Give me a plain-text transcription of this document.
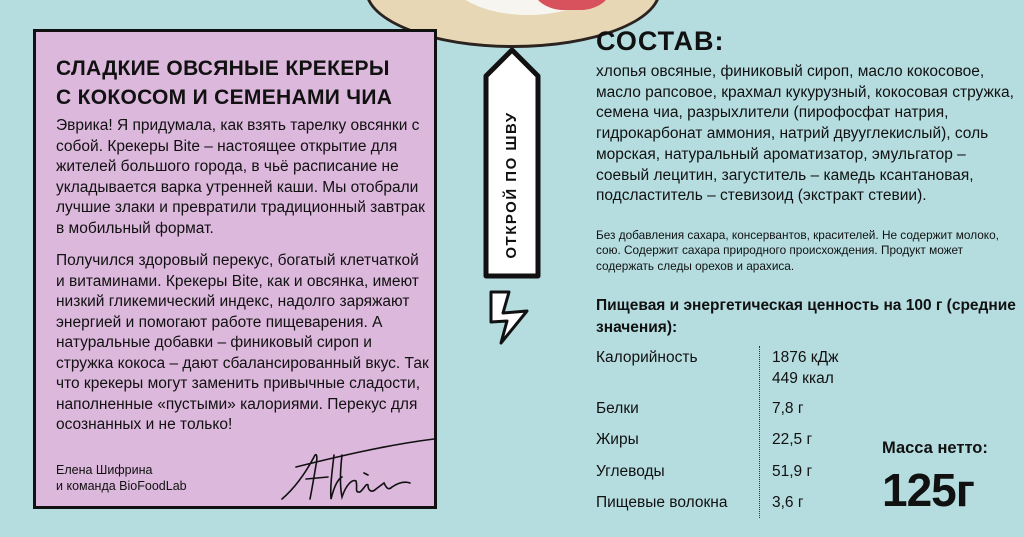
СЛАДКИЕ ОВСЯНЫЕ КРЕКЕРЫ
С КОКОСОМ И СЕМЕНАМИ ЧИА

Эврика! Я придумала, как взять тарелку овсянки с собой. Крекеры Bite – настоящее открытие для жителей большого города, в чьё расписание не укладывается варка утренней каши. Мы отобрали лучшие злаки и превратили традиционный завтрак в мобильный формат.

Получился здоровый перекус, богатый клетчаткой и витаминами. Крекеры Bite, как и овсянка, имеют низкий гликемический индекс, надолго заряжают энергией и помогают работе пищеварения. А натуральные добавки – финиковый сироп и стружка кокоса – дают сбалансированный вкус. Так что крекеры могут заменить привычные сладости, наполненные «пустыми» калориями. Перекус для осознанных и не только!

Елена Шифрина
и команда BioFoodLab

ОТКРОЙ ПО ШВУ
СОСТАВ:

хлопья овсяные, финиковый сироп, масло кокосовое, масло рапсовое, крахмал кукурузный, кокосовая стружка, семена чиа, разрыхлители (пирофосфат натрия, гидрокарбонат аммония, натрий двууглекислый), соль морская, натуральный ароматизатор, эмульгатор – соевый лецитин, загуститель – камедь ксантановая, подсластитель – стевизоид (экстракт стевии).

Без добавления сахара, консервантов, красителей. Не содержит молоко, сою. Содержит сахара природного происхождения. Продукт может содержать следы орехов и арахиса.

Пищевая и энергетическая ценность на 100 г (средние значения):

Калорийность	1876 кДж
449 ккал
Белки	7,8 г
Жиры	22,5 г
Углеводы	51,9 г
Пищевые волокна	3,6 г

Масса нетто:

125г
